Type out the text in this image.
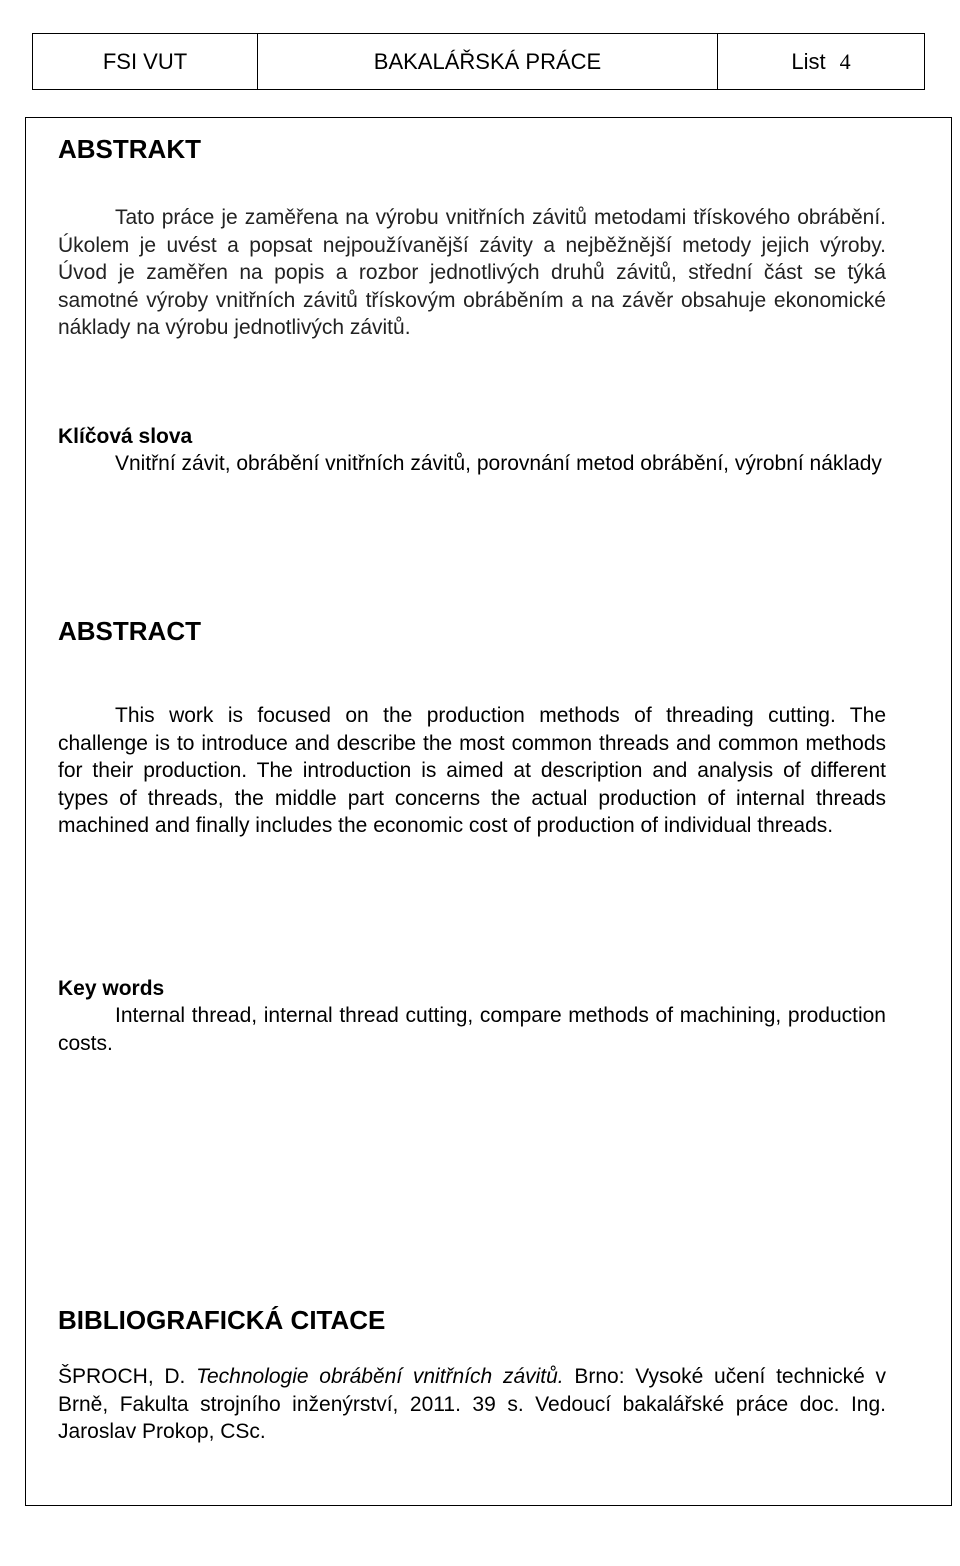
FSI VUT	BAKALÁŘSKÁ PRÁCE	List 4
ABSTRAKT

Tato práce je zaměřena na výrobu vnitřních závitů metodami třískového obrábění. Úkolem je uvést a popsat nejpoužívanější závity a nejběžnější metody jejich výroby. Úvod je zaměřen na popis a rozbor jednotlivých druhů závitů, střední část se týká samotné výroby vnitřních závitů třískovým obráběním a na závěr obsahuje ekonomické náklady na výrobu jednotlivých závitů.

Klíčová slova

Vnitřní závit, obrábění vnitřních závitů, porovnání metod obrábění, výrobní náklady

ABSTRACT

This work is focused on the production methods of threading cutting. The challenge is to introduce and describe the most common threads and common methods for their production. The introduction is aimed at description and analysis of different types of threads, the middle part concerns the actual production of internal threads machined and finally includes the economic cost of production of individual threads.

Key words

Internal thread, internal thread cutting, compare methods of machining, production costs.

BIBLIOGRAFICKÁ CITACE

ŠPROCH, D. Technologie obrábění vnitřních závitů. Brno: Vysoké učení technické v Brně, Fakulta strojního inženýrství, 2011. 39 s. Vedoucí bakalářské práce doc. Ing. Jaroslav Prokop, CSc.
